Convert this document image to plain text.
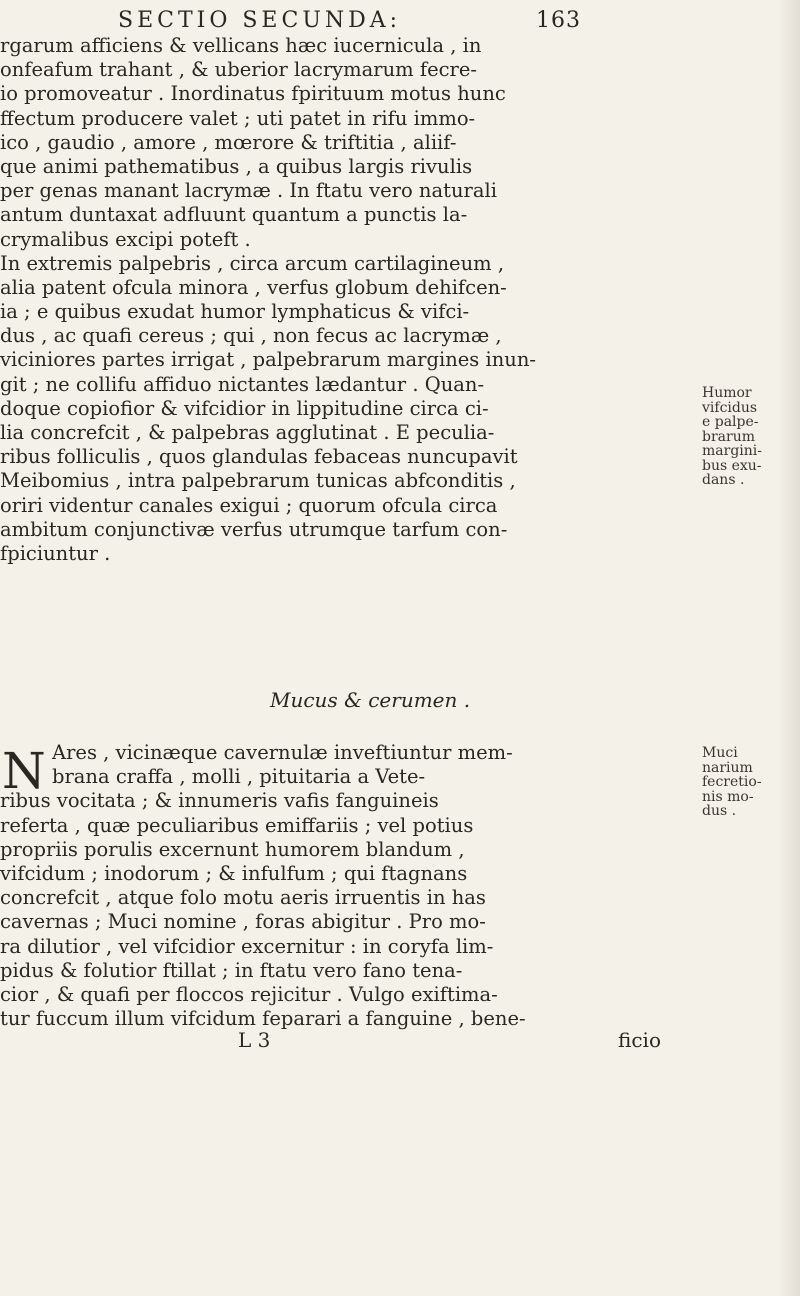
SECTIO SECUNDA:	163
rgarum afficiens & vellicans hæc iucernicula , in
onfeafum trahant , & uberior lacrymarum fecre-
io promoveatur . Inordinatus fpirituum motus hunc
ffectum producere valet ; uti patet in rifu immo-
ico , gaudio , amore , mœrore & triftitia , aliif-
que animi pathematibus , a quibus largis rivulis
per genas manant lacrymæ . In ftatu vero naturali
antum duntaxat adfluunt quantum a punctis la-
crymalibus excipi poteft .
In extremis palpebris , circa arcum cartilagineum ,
alia patent ofcula minora , verfus globum dehifcen-
ia ; e quibus exudat humor lymphaticus & vifci-
dus , ac quafi cereus ; qui , non fecus ac lacrymæ ,
viciniores partes irrigat , palpebrarum margines inun-
git ; ne collifu affiduo nictantes lædantur . Quan-
doque copiofior & vifcidior in lippitudine circa ci-
lia concrefcit , & palpebras agglutinat . E peculia-
ribus folliculis , quos glandulas febaceas nuncupavit
Meibomius , intra palpebrarum tunicas abfconditis ,
oriri videntur canales exigui ; quorum ofcula circa
ambitum conjunctivæ verfus utrumque tarfum con-
fpiciuntur .
Mucus & cerumen .
N Ares , vicinæque cavernulæ inveftiuntur mem-
brana craffa , molli , pituitaria a Vete-
ribus vocitata ; & innumeris vafis fanguineis
referta , quæ peculiaribus emiffariis ; vel potius
propriis porulis excernunt humorem blandum ,
vifcidum ; inodorum ; & infulfum ; qui ftagnans
concrefcit , atque folo motu aeris irruentis in has
cavernas ; Muci nomine , foras abigitur . Pro mo-
ra dilutior , vel vifcidior excernitur : in coryfa lim-
pidus & folutior ftillat ; in ftatu vero fano tena-
cior , & quafi per floccos rejicitur . Vulgo exiftima-
tur fuccum illum vifcidum feparari a fanguine , bene-
Humor
vifcidus
e palpe-
brarum
margini-
bus exu-
dans .
Muci
narium
fecretio-
nis mo-
dus .
L 3	ficio
